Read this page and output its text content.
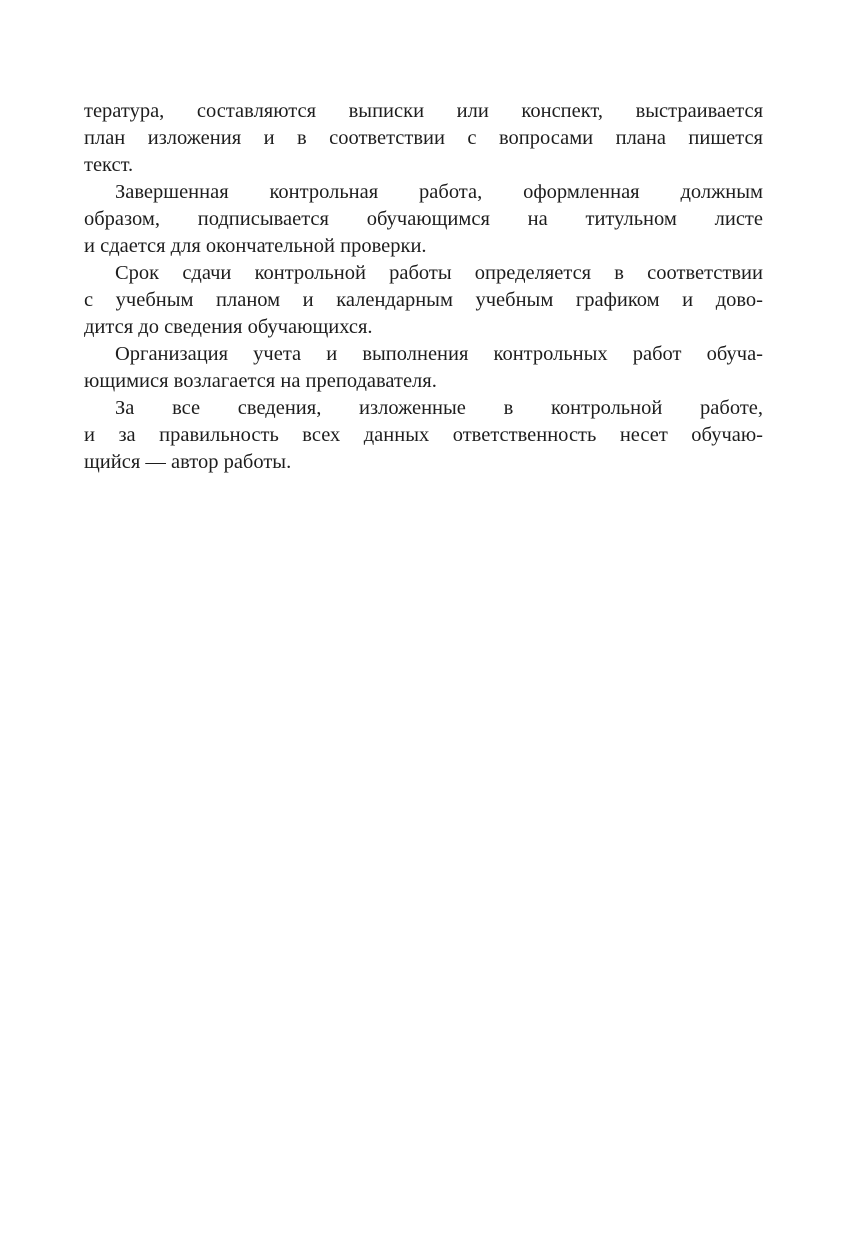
тература, составляются выписки или конспект, выстраивается
план изложения и в соответствии с вопросами плана пишется
текст.
Завершенная контрольная работа, оформленная должным
образом, подписывается обучающимся на титульном листе
и сдается для окончательной проверки.
Срок сдачи контрольной работы определяется в соответствии
с учебным планом и календарным учебным графиком и дово-
дится до сведения обучающихся.
Организация учета и выполнения контрольных работ обуча-
ющимися возлагается на преподавателя.
За все сведения, изложенные в контрольной работе,
и за правильность всех данных ответственность несет обучаю-
щийся — автор работы.
